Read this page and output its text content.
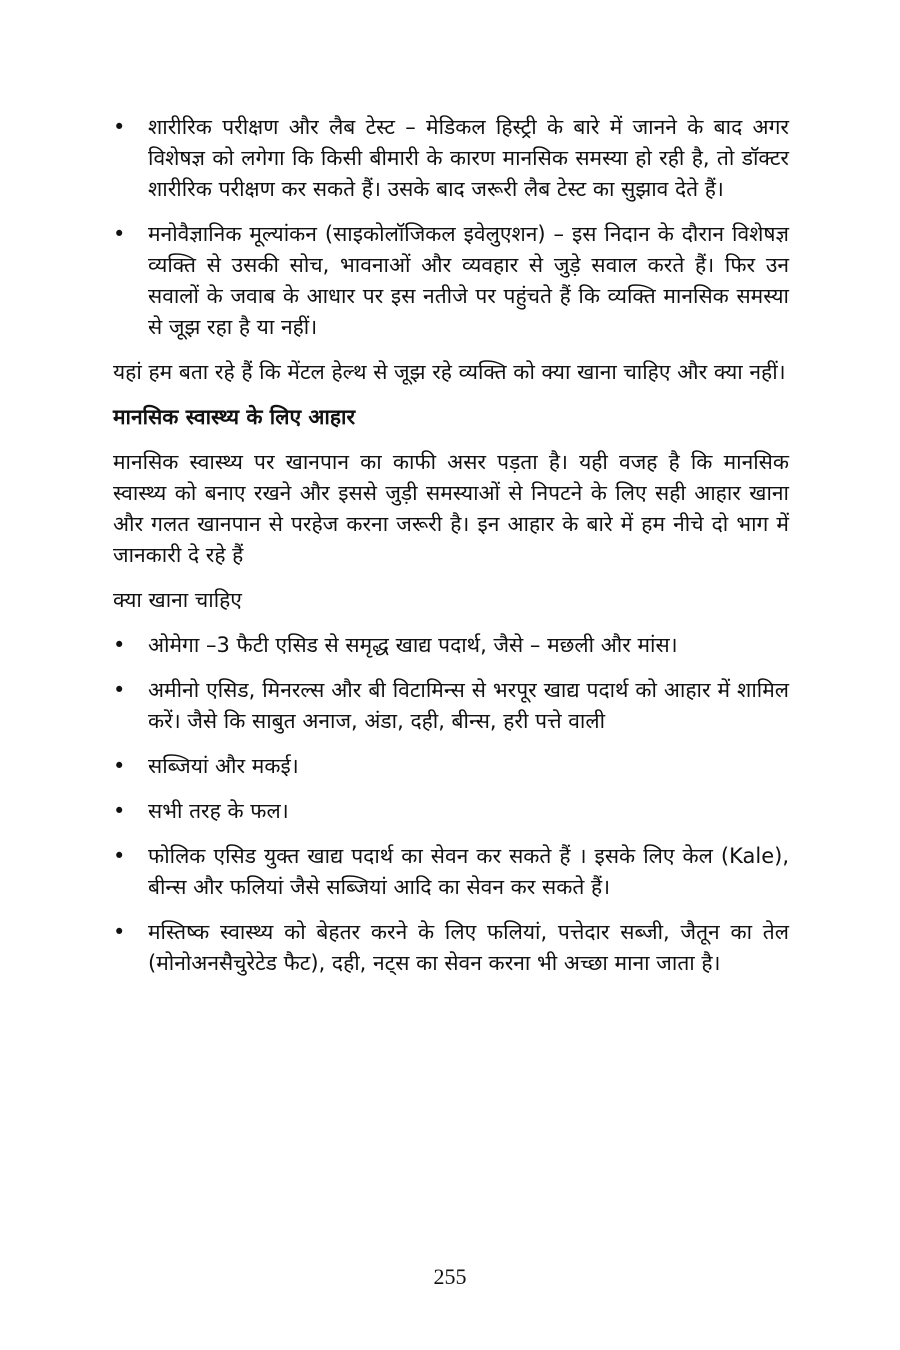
•	शारीरिक परीक्षण और लैब टेस्ट – मेडिकल हिस्ट्री के बारे में जानने के बाद अगर विशेषज्ञ को लगेगा कि किसी बीमारी के कारण मानसिक समस्या हो रही है, तो डॉक्टर शारीरिक परीक्षण कर सकते हैं। उसके बाद जरूरी लैब टेस्ट का सुझाव देते हैं।
•	मनोवैज्ञानिक मूल्यांकन (साइकोलॉजिकल इवेलुएशन) – इस निदान के दौरान विशेषज्ञ व्यक्ति से उसकी सोच, भावनाओं और व्यवहार से जुड़े सवाल करते हैं। फिर उन सवालों के जवाब के आधार पर इस नतीजे पर पहुंचते हैं कि व्यक्ति मानसिक समस्या से जूझ रहा है या नहीं।

यहां हम बता रहे हैं कि मेंटल हेल्थ से जूझ रहे व्यक्ति को क्या खाना चाहिए और क्या नहीं।

मानसिक स्वास्थ्य के लिए आहार

मानसिक स्वास्थ्य पर खानपान का काफी असर पड़ता है। यही वजह है कि मानसिक स्वास्थ्य को बनाए रखने और इससे जुड़ी समस्याओं से निपटने के लिए सही आहार खाना और गलत खानपान से परहेज करना जरूरी है। इन आहार के बारे में हम नीचे दो भाग में जानकारी दे रहे हैं

क्या खाना चाहिए
•	ओमेगा –3 फैटी एसिड से समृद्ध खाद्य पदार्थ, जैसे – मछली और मांस।
•	अमीनो एसिड, मिनरल्स और बी विटामिन्स से भरपूर खाद्य पदार्थ को आहार में शामिल करें। जैसे कि साबुत अनाज, अंडा, दही, बीन्स, हरी पत्ते वाली
•	सब्जियां और मकई।
•	सभी तरह के फल।
•	फोलिक एसिड युक्त खाद्य पदार्थ का सेवन कर सकते हैं । इसके लिए केल (Kale), बीन्स और फलियां जैसे सब्जियां आदि का सेवन कर सकते हैं।
•	मस्तिष्क स्वास्थ्य को बेहतर करने के लिए फलियां, पत्तेदार सब्जी, जैतून का तेल (मोनोअनसैचुरेटेड फैट), दही, नट्स का सेवन करना भी अच्छा माना जाता है।
255
